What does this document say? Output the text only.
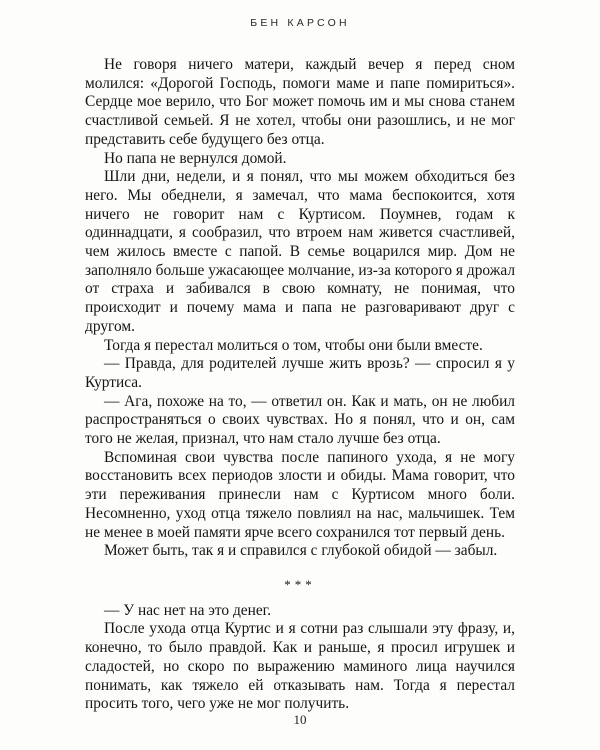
БЕН КАРСОН

Не говоря ничего матери, каждый вечер я перед сном молился: «Дорогой Господь, помоги маме и папе помириться». Сердце мое верило, что Бог может помочь им и мы снова станем счастливой семьей. Я не хотел, чтобы они разошлись, и не мог представить себе будущего без отца.

Но папа не вернулся домой.

Шли дни, недели, и я понял, что мы можем обходиться без него. Мы обеднели, я замечал, что мама беспокоится, хотя ничего не говорит нам с Куртисом. Поумнев, годам к одиннадцати, я сообразил, что втроем нам живется счастливей, чем жилось вместе с папой. В семье воцарился мир. Дом не заполняло больше ужасающее молчание, из-за которого я дрожал от страха и забивался в свою комнату, не понимая, что происходит и почему мама и папа не разговаривают друг с другом.

Тогда я перестал молиться о том, чтобы они были вместе.

— Правда, для родителей лучше жить врозь? — спросил я у Куртиса.

— Ага, похоже на то, — ответил он. Как и мать, он не любил распространяться о своих чувствах. Но я понял, что и он, сам того не желая, признал, что нам стало лучше без отца.

Вспоминая свои чувства после папиного ухода, я не могу восстановить всех периодов злости и обиды. Мама говорит, что эти переживания принесли нам с Куртисом много боли. Несомненно, уход отца тяжело повлиял на нас, мальчишек. Тем не менее в моей памяти ярче всего сохранился тот первый день.

Может быть, так я и справился с глубокой обидой — забыл.

***

— У нас нет на это денег.

После ухода отца Куртис и я сотни раз слышали эту фразу, и, конечно, то было правдой. Как и раньше, я просил игрушек и сладостей, но скоро по выражению маминого лица научился понимать, как тяжело ей отказывать нам. Тогда я перестал просить того, чего уже не мог получить.

10
